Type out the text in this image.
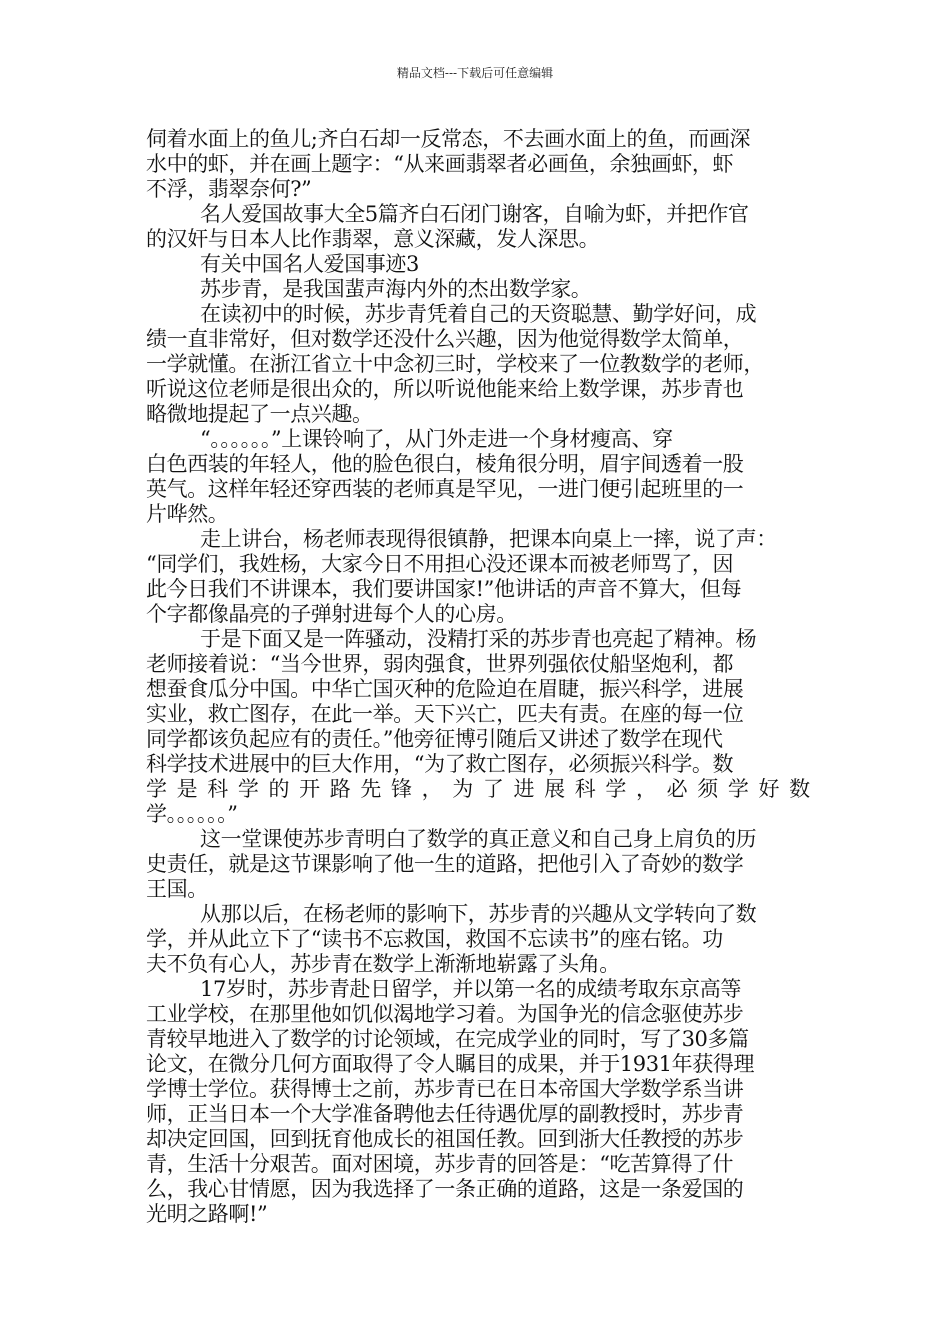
精品文档---下载后可任意编辑
伺着水面上的鱼儿;齐白石却一反常态，不去画水面上的鱼，而画深
水中的虾，并在画上题字：“从来画翡翠者必画鱼，余独画虾，虾
不浮，翡翠奈何?”
名人爱国故事大全5篇齐白石闭门谢客，自喻为虾，并把作官
的汉奸与日本人比作翡翠，意义深藏，发人深思。
有关中国名人爱国事迹3
苏步青，是我国蜚声海内外的杰出数学家。
在读初中的时候，苏步青凭着自己的天资聪慧、勤学好问，成
绩一直非常好，但对数学还没什么兴趣，因为他觉得数学太简单，
一学就懂。在浙江省立十中念初三时，学校来了一位教数学的老师，
听说这位老师是很出众的，所以听说他能来给上数学课，苏步青也
略微地提起了一点兴趣。
“。。。。。。”上课铃响了，从门外走进一个身材瘦高、穿
白色西装的年轻人，他的脸色很白，棱角很分明，眉宇间透着一股
英气。这样年轻还穿西装的老师真是罕见，一进门便引起班里的一
片哗然。
走上讲台，杨老师表现得很镇静，把课本向桌上一摔，说了声：
“同学们，我姓杨，大家今日不用担心没还课本而被老师骂了，因
此今日我们不讲课本，我们要讲国家!”他讲话的声音不算大，但每
个字都像晶亮的子弹射进每个人的心房。
于是下面又是一阵骚动，没精打采的苏步青也亮起了精神。杨
老师接着说：“当今世界，弱肉强食，世界列强依仗船坚炮利，都
想蚕食瓜分中国。中华亡国灭种的危险迫在眉睫，振兴科学，进展
实业，救亡图存，在此一举。天下兴亡，匹夫有责。在座的每一位
同学都该负起应有的责任。”他旁征博引随后又讲述了数学在现代
科学技术进展中的巨大作用，“为了救亡图存，必须振兴科学。数
学 是 科 学 的 开 路 先 锋 ， 为 了 进 展 科 学 ， 必 须 学 好 数
学。。。。。。”
这一堂课使苏步青明白了数学的真正意义和自己身上肩负的历
史责任，就是这节课影响了他一生的道路，把他引入了奇妙的数学
王国。
从那以后，在杨老师的影响下，苏步青的兴趣从文学转向了数
学，并从此立下了“读书不忘救国，救国不忘读书”的座右铭。功
夫不负有心人，苏步青在数学上渐渐地崭露了头角。
17岁时，苏步青赴日留学，并以第一名的成绩考取东京高等
工业学校，在那里他如饥似渴地学习着。为国争光的信念驱使苏步
青较早地进入了数学的讨论领域，在完成学业的同时，写了30多篇
论文，在微分几何方面取得了令人瞩目的成果，并于1931年获得理
学博士学位。获得博士之前，苏步青已在日本帝国大学数学系当讲
师，正当日本一个大学准备聘他去任待遇优厚的副教授时，苏步青
却决定回国，回到抚育他成长的祖国任教。回到浙大任教授的苏步
青，生活十分艰苦。面对困境，苏步青的回答是：“吃苦算得了什
么，我心甘情愿，因为我选择了一条正确的道路，这是一条爱国的
光明之路啊!”
